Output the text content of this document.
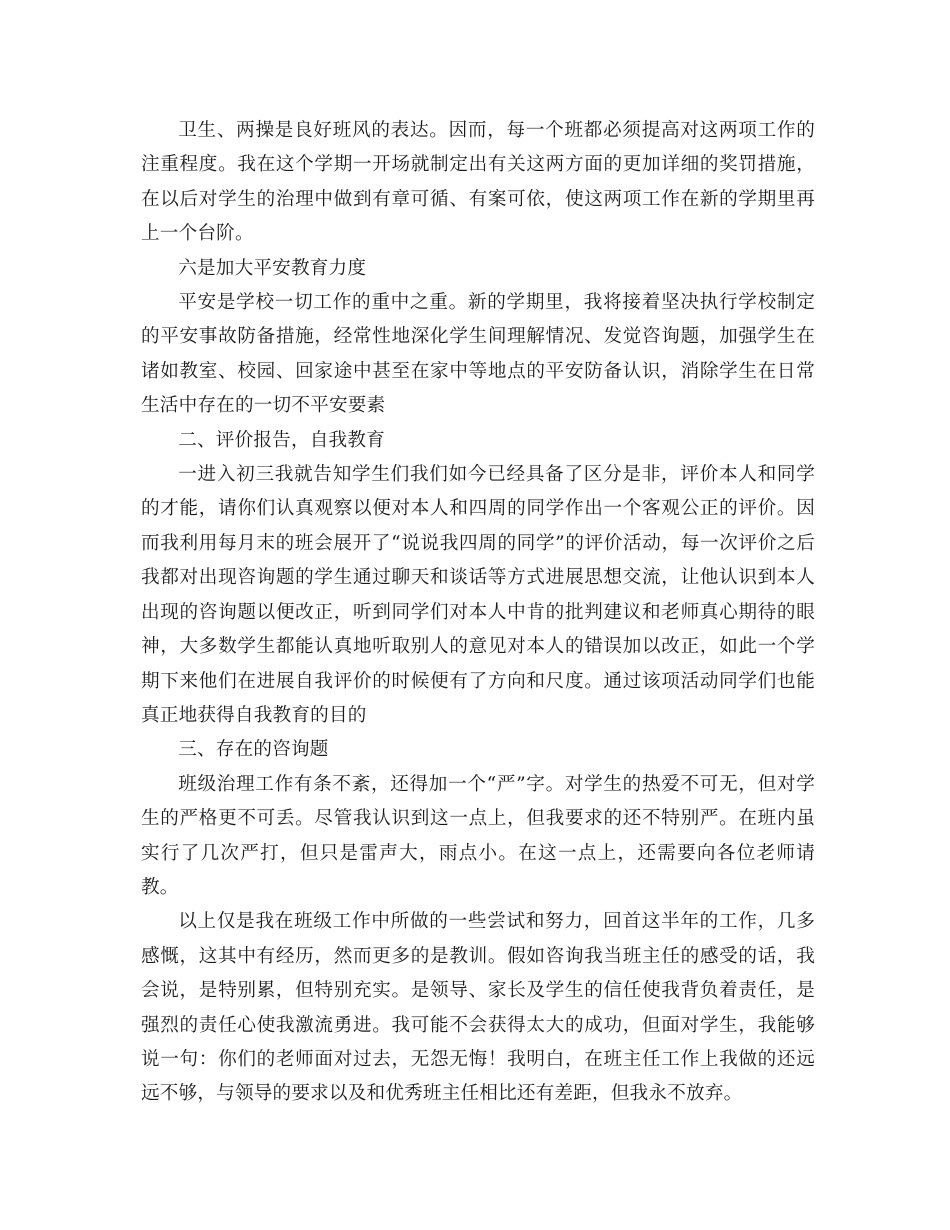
卫生、两操是良好班风的表达。因而，每一个班都必须提高对这两项工作的注重程度。我在这个学期一开场就制定出有关这两方面的更加详细的奖罚措施，在以后对学生的治理中做到有章可循、有案可依，使这两项工作在新的学期里再上一个台阶。

六是加大平安教育力度

平安是学校一切工作的重中之重。新的学期里，我将接着坚决执行学校制定的平安事故防备措施，经常性地深化学生间理解情况、发觉咨询题，加强学生在诸如教室、校园、回家途中甚至在家中等地点的平安防备认识，消除学生在日常生活中存在的一切不平安要素

二、评价报告，自我教育

一进入初三我就告知学生们我们如今已经具备了区分是非，评价本人和同学的才能，请你们认真观察以便对本人和四周的同学作出一个客观公正的评价。因而我利用每月末的班会展开了“说说我四周的同学”的评价活动，每一次评价之后我都对出现咨询题的学生通过聊天和谈话等方式进展思想交流，让他认识到本人出现的咨询题以便改正，听到同学们对本人中肯的批判建议和老师真心期待的眼神，大多数学生都能认真地听取别人的意见对本人的错误加以改正，如此一个学期下来他们在进展自我评价的时候便有了方向和尺度。通过该项活动同学们也能真正地获得自我教育的目的

三、存在的咨询题

班级治理工作有条不紊，还得加一个“严”字。对学生的热爱不可无，但对学生的严格更不可丢。尽管我认识到这一点上，但我要求的还不特别严。在班内虽实行了几次严打，但只是雷声大，雨点小。在这一点上，还需要向各位老师请教。

以上仅是我在班级工作中所做的一些尝试和努力，回首这半年的工作，几多感慨，这其中有经历，然而更多的是教训。假如咨询我当班主任的感受的话，我会说，是特别累，但特别充实。是领导、家长及学生的信任使我背负着责任，是强烈的责任心使我激流勇进。我可能不会获得太大的成功，但面对学生，我能够说一句：你们的老师面对过去，无怨无悔！我明白，在班主任工作上我做的还远远不够，与领导的要求以及和优秀班主任相比还有差距，但我永不放弃。
